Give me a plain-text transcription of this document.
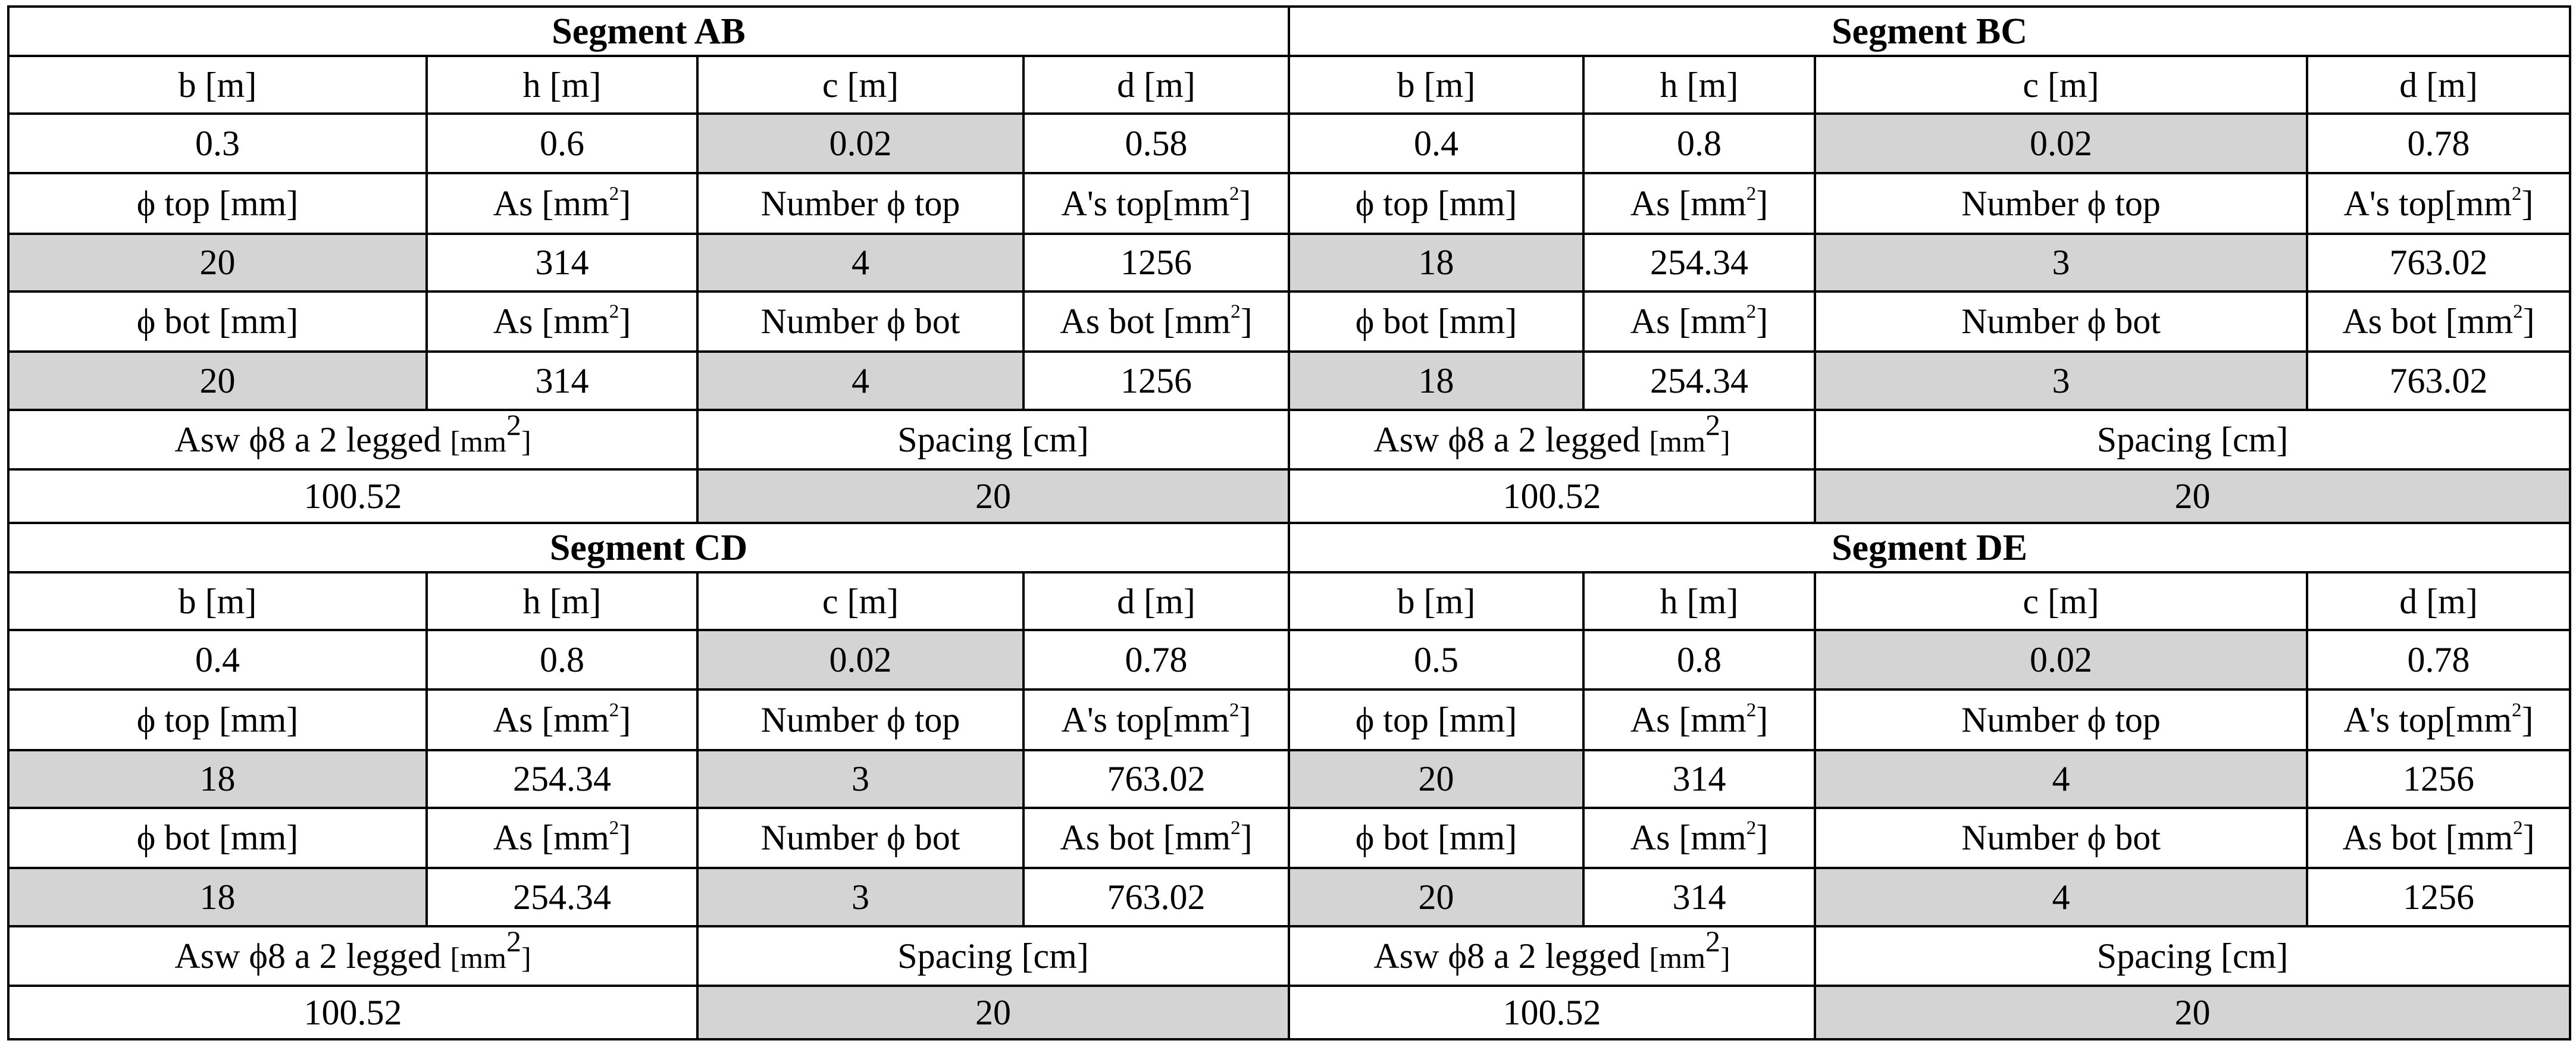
Segment AB				Segment BC			
b [m]	h [m]	c [m]	d [m]	b [m]	h [m]	c [m]	d [m]
0.3	0.6	0.02	0.58	0.4	0.8	0.02	0.78
ϕ top [mm]	As $[mm^2]$	Number ϕ top	A's $top[mm^2]$	ϕ top [mm]	As $[mm^2]$	Number ϕ top	A's $top[mm^2]$
20	314	4	1256	18	254.34	3	763.02
ϕ bot [mm]	As $[mm^2]$	Number ϕ bot	As bot $[mm^2]$	ϕ bot [mm]	As $[mm^2]$	Number ϕ bot	As bot $[mm^2]$
20	314	4	1256	18	254.34	3	763.02
Asw ϕ8 a 2 legged $[mm^2]$		Spacing [cm]		Asw ϕ8 a 2 legged $[mm^2]$		Spacing [cm]	
100.52		20		100.52		20	
Segment CD				Segment DE			
b [m]	h [m]	c [m]	d [m]	b [m]	h [m]	c [m]	d [m]
0.4	0.8	0.02	0.78	0.5	0.8	0.02	0.78
ϕ top [mm]	As $[mm^2]$	Number ϕ top	A's $top[mm^2]$	ϕ top [mm]	As $[mm^2]$	Number ϕ top	A's $top[mm^2]$
18	254.34	3	763.02	20	314	4	1256
ϕ bot [mm]	As $[mm^2]$	Number ϕ bot	As bot $[mm^2]$	ϕ bot [mm]	As $[mm^2]$	Number ϕ bot	As bot $[mm^2]$
18	254.34	3	763.02	20	314	4	1256
Asw ϕ8 a 2 legged $[mm^2]$		Spacing [cm]		Asw ϕ8 a 2 legged $[mm^2]$		Spacing [cm]	
100.52		20		100.52		20	
